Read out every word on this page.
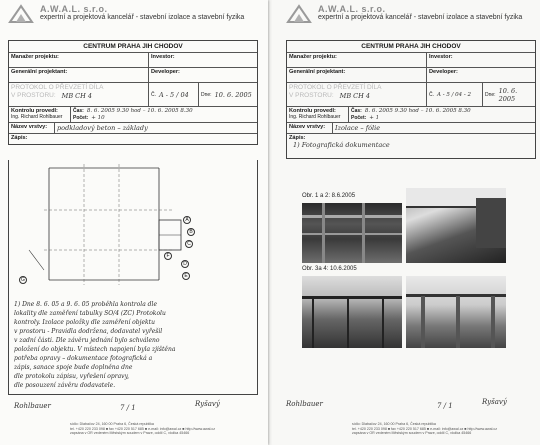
A.W.A.L. s.r.o.
expertní a projektová kancelář - stavební izolace a stavební fyzika
CENTRUM PRAHA JIH CHODOV
Manažer projektu:	Investor:
Generální projektant:	Developer:
PROTOKOL O PŘEVZETÍ DÍLA
V PROSTORU: MB CH 4	Č. A - 5 / 04 Dne: 10. 6. 2005
Kontrolu provedl:
Ing. Richard Rohlbauer
Čas: 8. 6. 2005 9.30 hod – 10. 6. 2005 8.30
Počet: + 10
Název vrstvy:	podkladový beton – základy
Zápis:
A
B
C
D
E
F
G
1) Dne 8. 6. 05 a 9. 6. 05 proběhla kontrola dle
lokality dle zaměření tabulky SO/4 (ZC) Protokolu
kontroly. Izolace položky dle zaměření objektu
v prostoru - Pravidla dodržena, dodavatel vyřešil
v zadní části. Dle závěru jednání bylo schváleno
položení do objektu. V místech napojení byla zjištěna
potřeba opravy – dokumentace fotografická a
zápis, sanace spoje bude doplněna dne
dle protokolu zápisu, vyřešení opravy,
dle posouzení závěru dodavatele.
Rohlbauer	7 / 1	Ryšavý
sídlo: Dlabačov 24, 160 00 Praha 6, Česká republika
tel. +420 220 233 098 ■ fax +420 220 517 685 ■ e-mail: info@awal.cz ■ http://www.awal.cz
zapsána v OR vedeném Městským soudem v Praze, oddíl C, vložka 45466
A.W.A.L. s.r.o.
expertní a projektová kancelář - stavební izolace a stavební fyzika
CENTRUM PRAHA JIH CHODOV
Manažer projektu:	Investor:
Generální projektant:	Developer:
PROTOKOL O PŘEVZETÍ DÍLA
V PROSTORU: MB CH 4	Č. A - 5 / 04 - 2	Dne: 10. 6. 2005
Kontrolu provedl:
Ing. Richard Rohlbauer
Čas: 8. 6. 2005 9.30 hod – 10. 6. 2005 8.30
Počet: + 1
Název vrstvy:	Izolace – fólie
Zápis:
1) Fotografická dokumentace
Obr. 1 a 2: 8.6.2005
Obr. 3a 4: 10.6.2005
Rohlbauer	7 / 1	Ryšavý
sídlo: Dlabačov 24, 160 00 Praha 6, Česká republika
tel. +420 220 233 098 ■ fax +420 220 517 685 ■ e-mail: info@awal.cz ■ http://www.awal.cz
zapsána v OR vedeném Městským soudem v Praze, oddíl C, vložka 45466
